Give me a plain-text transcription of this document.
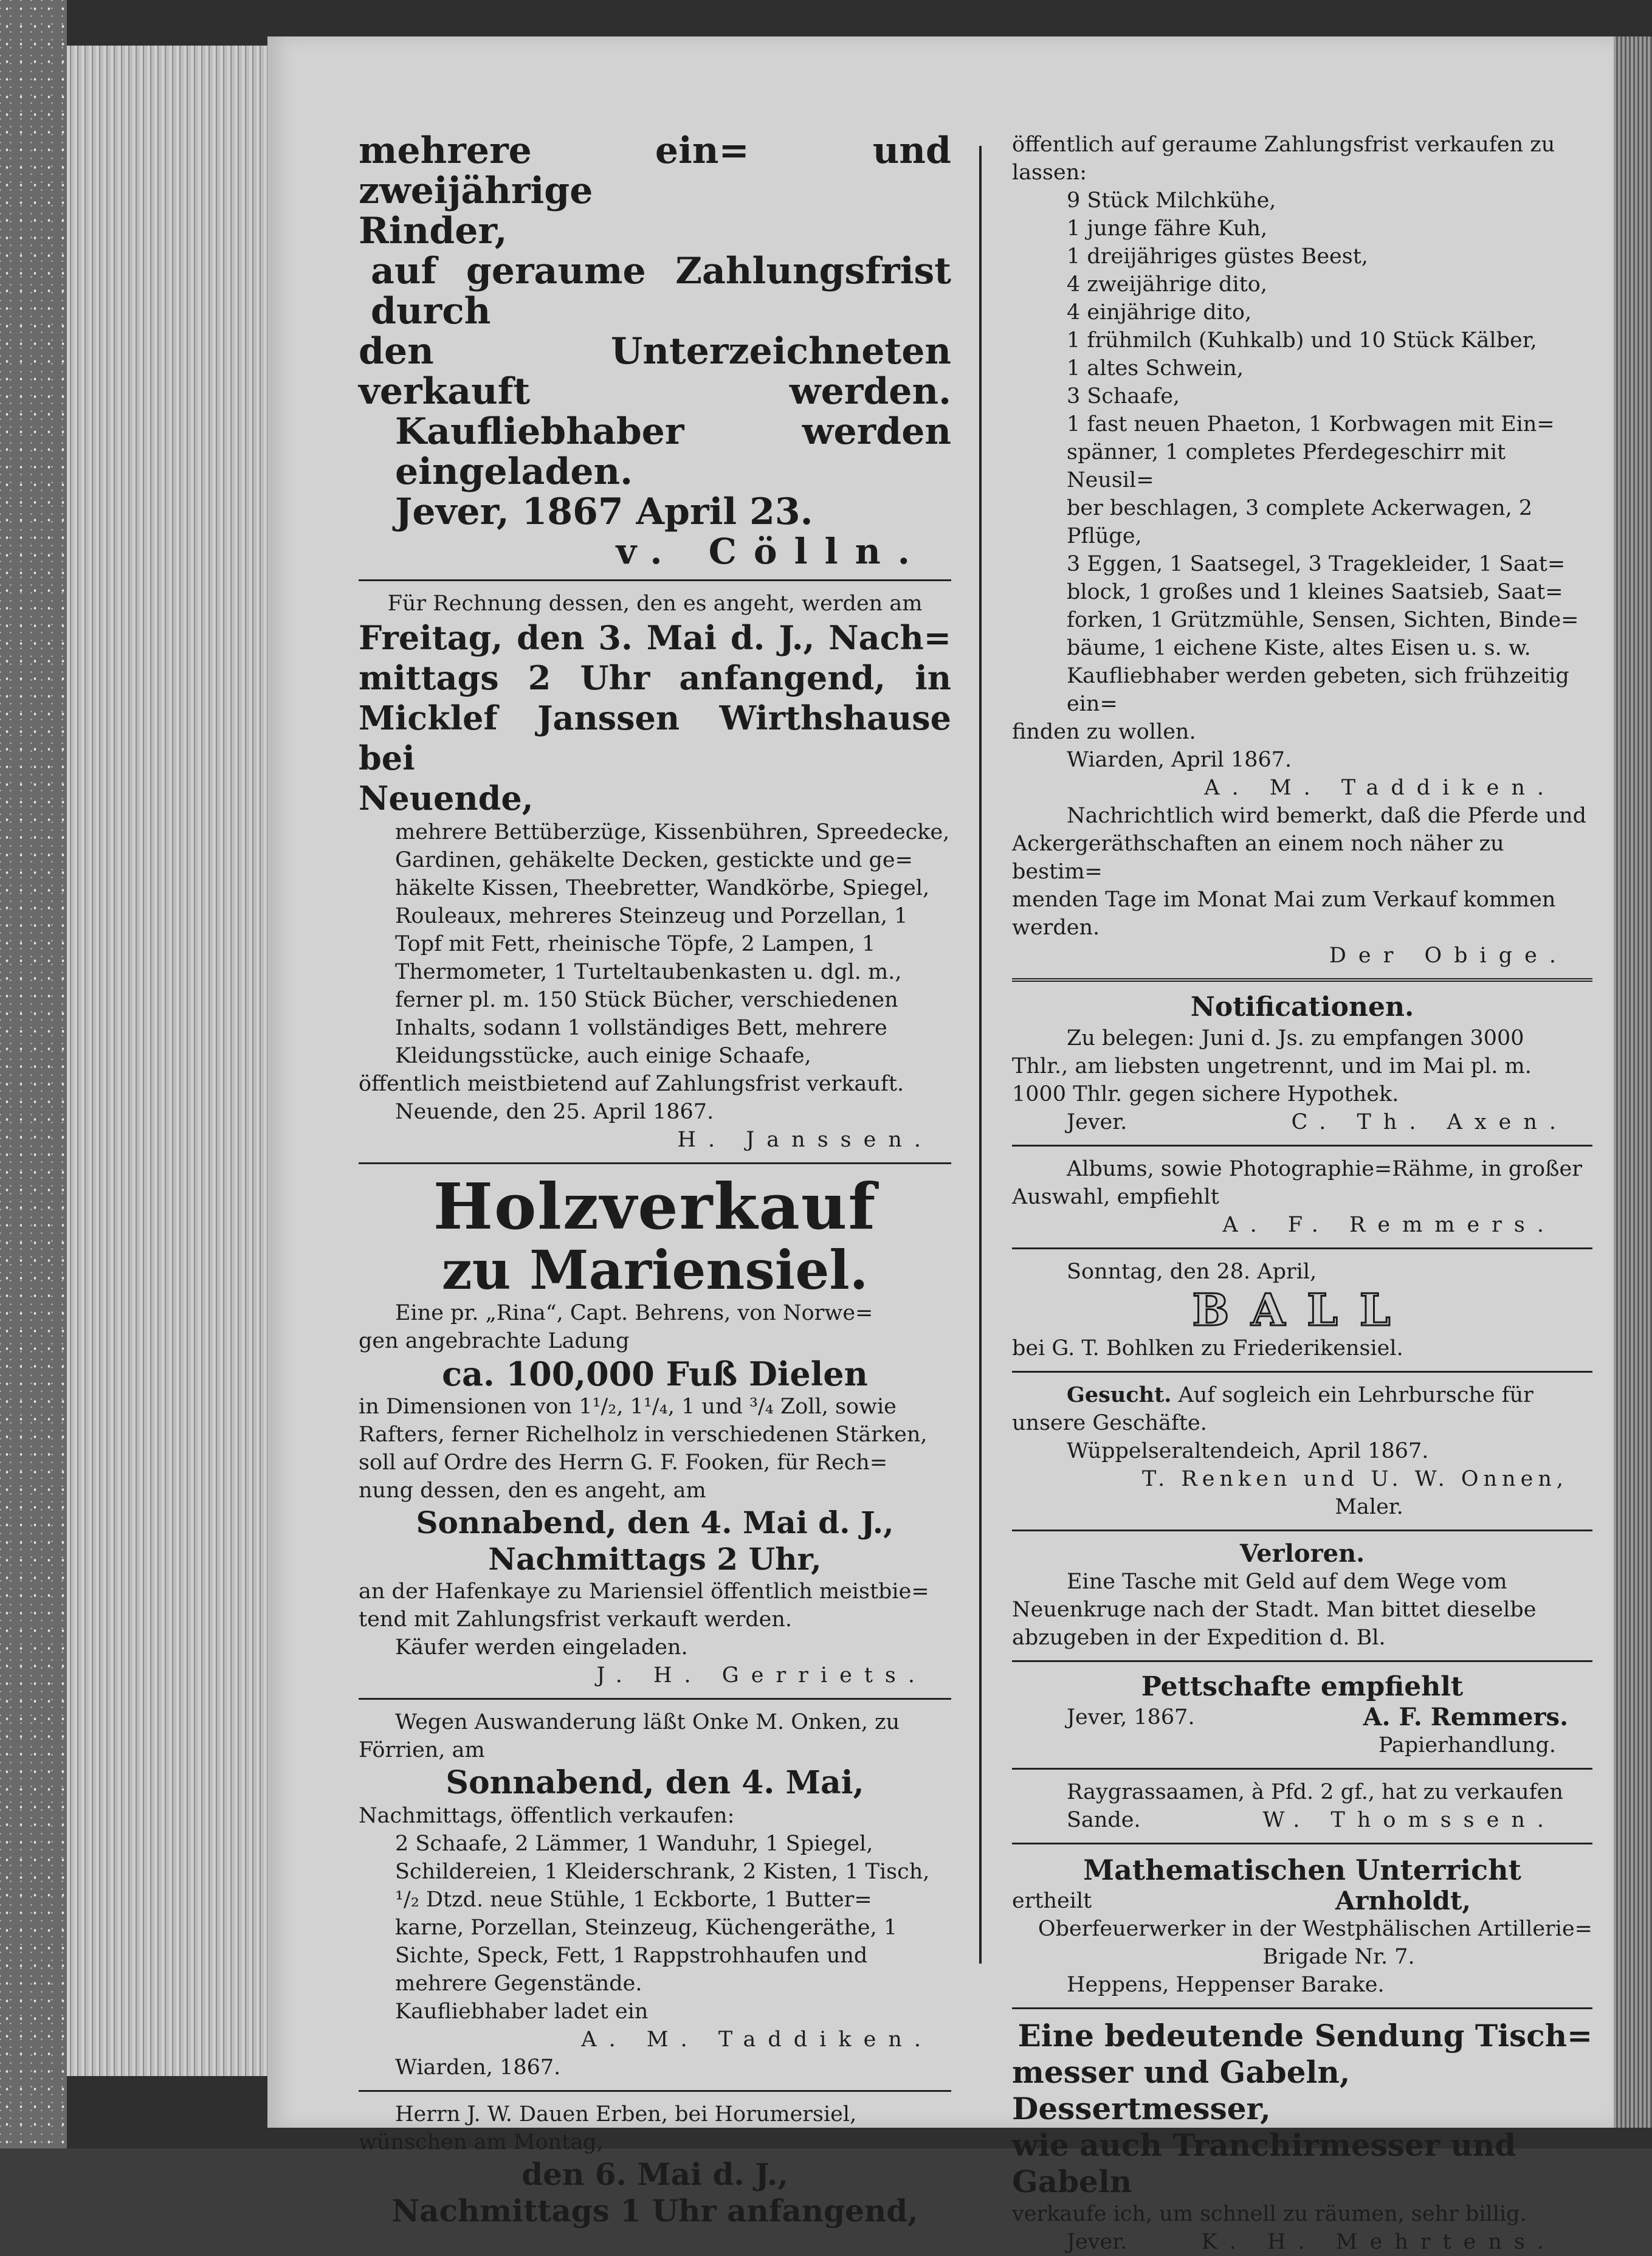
mehrere ein= und zweijährige
Rinder,
auf geraume Zahlungsfrist durch
den Unterzeichneten verkauft werden.
Kaufliebhaber werden eingeladen.
Jever, 1867 April 23.
v. Cölln.
Für Rechnung dessen, den es angeht, werden am
Freitag, den 3. Mai d. J., Nach=
mittags 2 Uhr anfangend, in
Micklef Janssen Wirthshause bei
Neuende,
mehrere Bettüberzüge, Kissenbühren, Spreedecke,
Gardinen, gehäkelte Decken, gestickte und ge=
häkelte Kissen, Theebretter, Wandkörbe, Spiegel,
Rouleaux, mehreres Steinzeug und Porzellan, 1
Topf mit Fett, rheinische Töpfe, 2 Lampen, 1
Thermometer, 1 Turteltaubenkasten u. dgl. m.,
ferner pl. m. 150 Stück Bücher, verschiedenen
Inhalts, sodann 1 vollständiges Bett, mehrere
Kleidungsstücke, auch einige Schaafe,
öffentlich meistbietend auf Zahlungsfrist verkauft.
Neuende, den 25. April 1867.
H. Janssen.
Holzverkauf
zu Mariensiel.
Eine pr. „Rina“, Capt. Behrens, von Norwe=
gen angebrachte Ladung
ca. 100,000 Fuß Dielen
in Dimensionen von 1¹/₂, 1¹/₄, 1 und ³/₄ Zoll, sowie
Rafters, ferner Richelholz in verschiedenen Stärken,
soll auf Ordre des Herrn G. F. Fooken, für Rech=
nung dessen, den es angeht, am
Sonnabend, den 4. Mai d. J.,
Nachmittags 2 Uhr,
an der Hafenkaye zu Mariensiel öffentlich meistbie=
tend mit Zahlungsfrist verkauft werden.
Käufer werden eingeladen.
J. H. Gerriets.
Wegen Auswanderung läßt Onke M. Onken, zu
Förrien, am
Sonnabend, den 4. Mai,
Nachmittags, öffentlich verkaufen:
2 Schaafe, 2 Lämmer, 1 Wanduhr, 1 Spiegel,
Schildereien, 1 Kleiderschrank, 2 Kisten, 1 Tisch,
¹/₂ Dtzd. neue Stühle, 1 Eckborte, 1 Butter=
karne, Porzellan, Steinzeug, Küchengeräthe, 1
Sichte, Speck, Fett, 1 Rappstrohhaufen und
mehrere Gegenstände.
Kaufliebhaber ladet ein
A. M. Taddiken.
Wiarden, 1867.
Herrn J. W. Dauen Erben, bei Horumersiel,
wünschen am Montag,
den 6. Mai d. J.,
Nachmittags 1 Uhr anfangend,
öffentlich auf geraume Zahlungsfrist verkaufen zu
lassen:
9 Stück Milchkühe,
1 junge fähre Kuh,
1 dreijähriges güstes Beest,
4 zweijährige dito,
4 einjährige dito,
1 frühmilch (Kuhkalb) und 10 Stück Kälber,
1 altes Schwein,
3 Schaafe,
1 fast neuen Phaeton, 1 Korbwagen mit Ein=
spänner, 1 completes Pferdegeschirr mit Neusil=
ber beschlagen, 3 complete Ackerwagen, 2 Pflüge,
3 Eggen, 1 Saatsegel, 3 Tragekleider, 1 Saat=
block, 1 großes und 1 kleines Saatsieb, Saat=
forken, 1 Grützmühle, Sensen, Sichten, Binde=
bäume, 1 eichene Kiste, altes Eisen u. s. w.
Kaufliebhaber werden gebeten, sich frühzeitig ein=
finden zu wollen.
Wiarden, April 1867.
A. M. Taddiken.
Nachrichtlich wird bemerkt, daß die Pferde und
Ackergeräthschaften an einem noch näher zu bestim=
menden Tage im Monat Mai zum Verkauf kommen
werden.
Der Obige.
Notificationen.
Zu belegen: Juni d. Js. zu empfangen 3000
Thlr., am liebsten ungetrennt, und im Mai pl. m.
1000 Thlr. gegen sichere Hypothek.
Jever.	C. Th. Axen.
Albums, sowie Photographie=Rähme, in großer
Auswahl, empfiehlt
A. F. Remmers.
Sonntag, den 28. April,
BALL
bei G. T. Bohlken zu Friederikensiel.
Gesucht. Auf sogleich ein Lehrbursche für
unsere Geschäfte.
Wüppelseraltendeich, April 1867.
T. Renken und U. W. Onnen,
Maler.
Verloren.
Eine Tasche mit Geld auf dem Wege vom
Neuenkruge nach der Stadt. Man bittet dieselbe
abzugeben in der Expedition d. Bl.
Pettschafte empfiehlt
Jever, 1867.	A. F. Remmers.
Papierhandlung.
Raygrassaamen, à Pfd. 2 gf., hat zu verkaufen
Sande.	W. Thomssen.
Mathematischen Unterricht
ertheilt	Arnholdt,
Oberfeuerwerker in der Westphälischen Artillerie=
Brigade Nr. 7.
Heppens, Heppenser Barake.
Eine bedeutende Sendung Tisch=
messer und Gabeln, Dessertmesser,
wie auch Tranchirmesser und Gabeln
verkaufe ich, um schnell zu räumen, sehr billig.
Jever.	K. H. Mehrtens.
